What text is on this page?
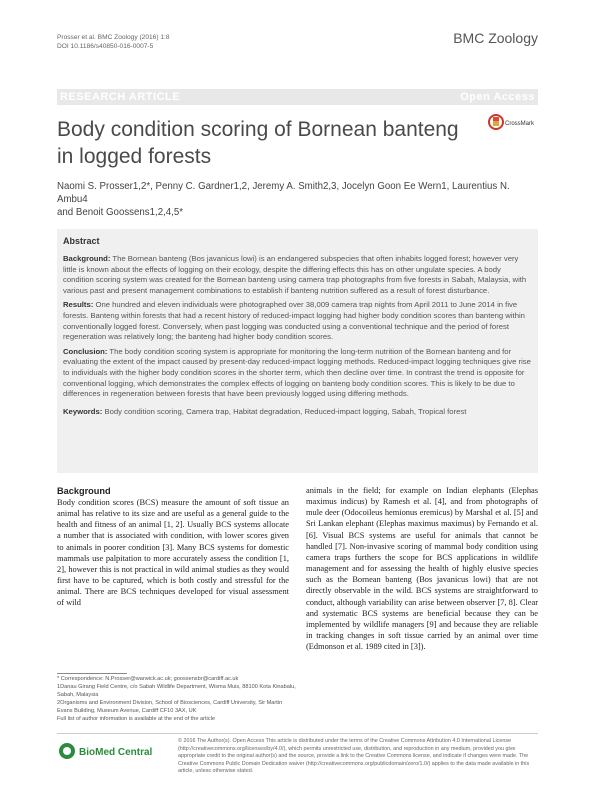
Prosser et al. BMC Zoology (2016) 1:8
DOI 10.1186/s40850-016-0007-5
BMC Zoology
RESEARCH ARTICLE	Open Access
Body condition scoring of Bornean banteng in logged forests
CrossMark
Naomi S. Prosser1,2*, Penny C. Gardner1,2, Jeremy A. Smith2,3, Jocelyn Goon Ee Wern1, Laurentius N. Ambu4
and Benoit Goossens1,2,4,5*
Abstract

Background: The Bornean banteng (Bos javanicus lowi) is an endangered subspecies that often inhabits logged forest; however very little is known about the effects of logging on their ecology, despite the differing effects this has on other ungulate species. A body condition scoring system was created for the Bornean banteng using camera trap photographs from five forests in Sabah, Malaysia, with various past and present management combinations to establish if banteng nutrition suffered as a result of forest disturbance.

Results: One hundred and eleven individuals were photographed over 38,009 camera trap nights from April 2011 to June 2014 in five forests. Banteng within forests that had a recent history of reduced-impact logging had higher body condition scores than banteng within conventionally logged forest. Conversely, when past logging was conducted using a conventional technique and the period of forest regeneration was relatively long; the banteng had higher body condition scores.

Conclusion: The body condition scoring system is appropriate for monitoring the long-term nutrition of the Bornean banteng and for evaluating the extent of the impact caused by present-day reduced-impact logging methods. Reduced-impact logging techniques give rise to individuals with the higher body condition scores in the shorter term, which then decline over time. In contrast the trend is opposite for conventional logging, which demonstrates the complex effects of logging on banteng body condition scores. This is likely to be due to differences in regeneration between forests that have been previously logged using differing methods.

Keywords: Body condition scoring, Camera trap, Habitat degradation, Reduced-impact logging, Sabah, Tropical forest

Background
Body condition scores (BCS) measure the amount of soft tissue an animal has relative to its size and are useful as a general guide to the health and fitness of an animal [1, 2]. Usually BCS systems allocate a number that is associated with condition, with lower scores given to animals in poorer condition [3]. Many BCS systems for domestic mammals use palpitation to more accurately assess the condition [1, 2], however this is not practical in wild animal studies as they would first have to be captured, which is both costly and stressful for the animal. There are BCS techniques developed for visual assessment of wild
animals in the field; for example on Indian elephants (Elephas maximus indicus) by Ramesh et al. [4], and from photographs of mule deer (Odocoileus hemionus eremicus) by Marshal et al. [5] and Sri Lankan elephant (Elephas maximus maximus) by Fernando et al. [6]. Visual BCS systems are useful for animals that cannot be handled [7]. Non-invasive scoring of mammal body condition using camera traps furthers the scope for BCS applications in wildlife management and for assessing the health of highly elusive species such as the Bornean banteng (Bos javanicus lowi) that are not directly observable in the wild. BCS systems are straightforward to conduct, although variability can arise between observer [7, 8]. Clear and systematic BCS systems are beneficial because they can be implemented by wildlife managers [9] and because they are reliable in tracking changes in soft tissue carried by an animal over time (Edmonson et al. 1989 cited in [3]).
* Correspondence: N.Prosser@warwick.ac.uk; goossensbr@cardiff.ac.uk
1Danau Girang Field Centre, c/o Sabah Wildlife Department, Wisma Muis, 88100 Kota Kinabalu, Sabah, Malaysia
2Organisms and Environment Division, School of Biosciences, Cardiff University, Sir Martin Evans Building, Museum Avenue, Cardiff CF10 3AX, UK
Full list of author information is available at the end of the article
BioMed Central
© 2016 The Author(s). Open Access This article is distributed under the terms of the Creative Commons Attribution 4.0 International License (http://creativecommons.org/licenses/by/4.0/), which permits unrestricted use, distribution, and reproduction in any medium, provided you give appropriate credit to the original author(s) and the source, provide a link to the Creative Commons license, and indicate if changes were made. The Creative Commons Public Domain Dedication waiver (http://creativecommons.org/publicdomain/zero/1.0/) applies to the data made available in this article, unless otherwise stated.
